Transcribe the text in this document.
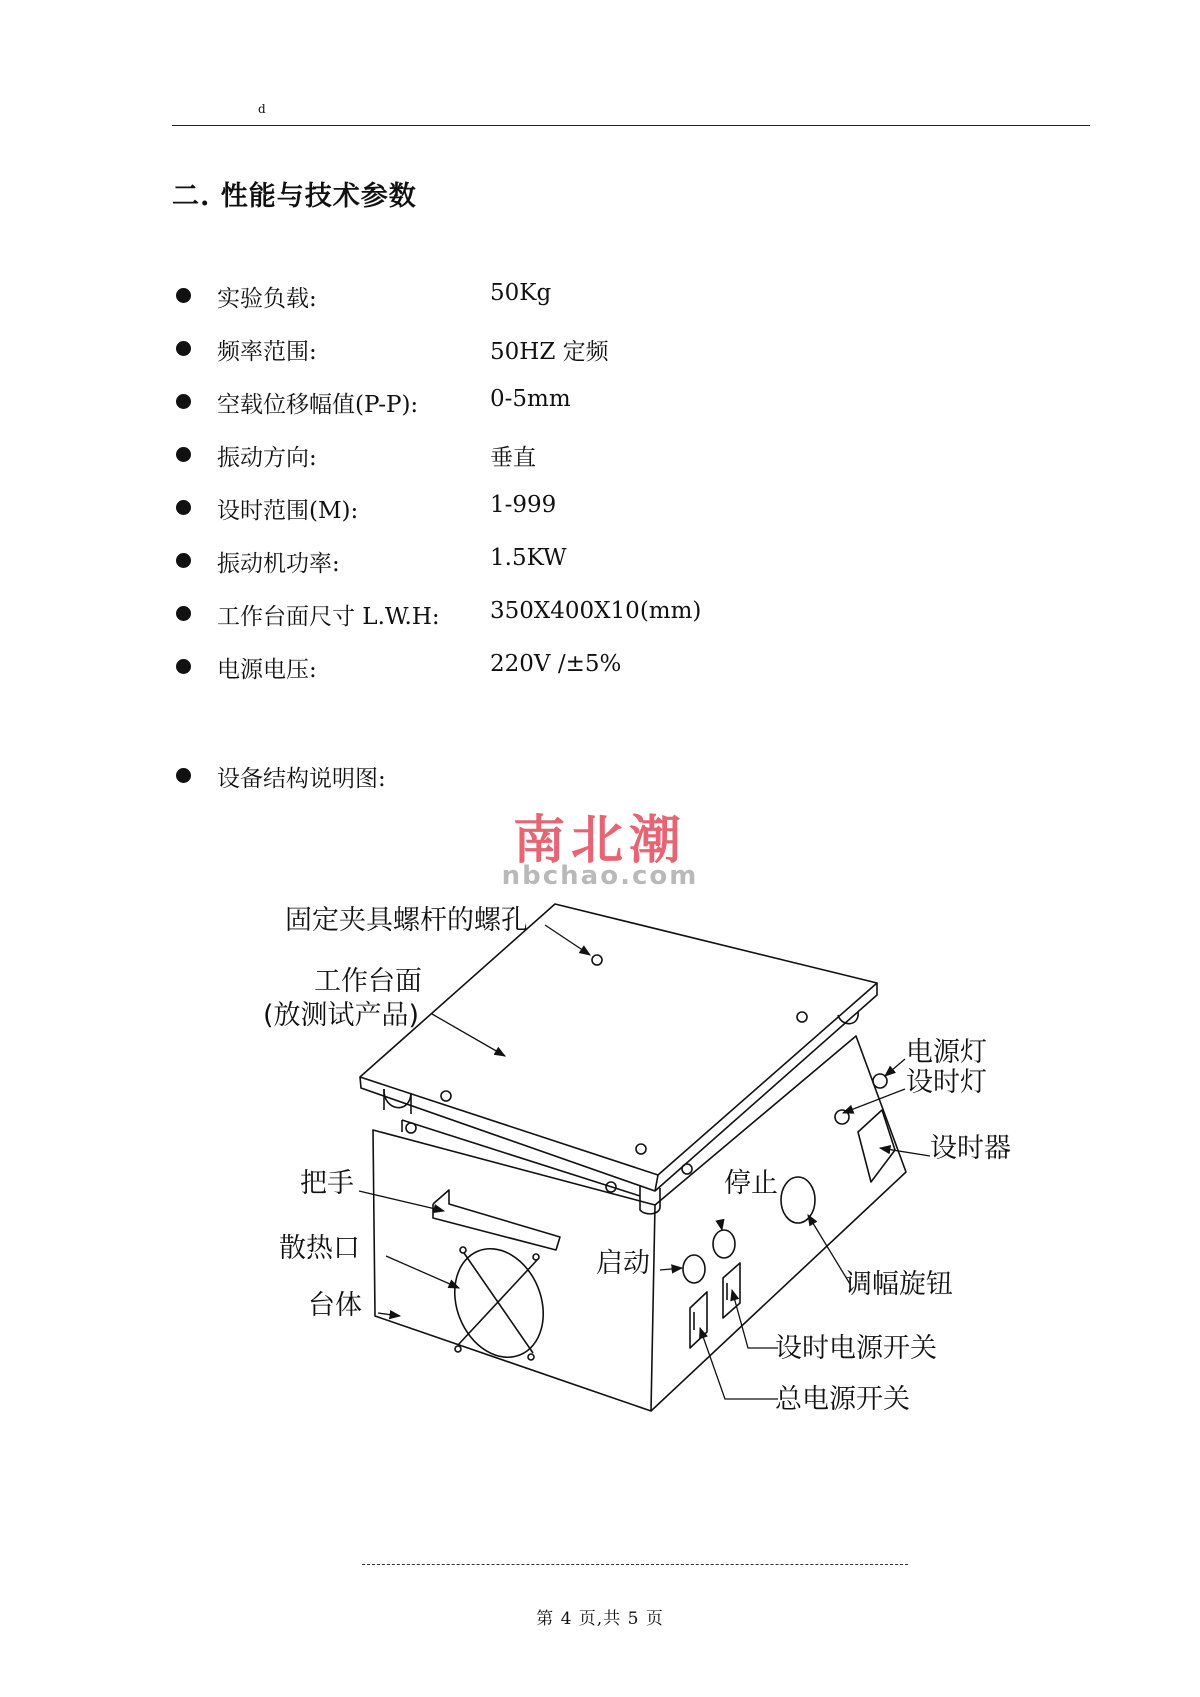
d
二. 性能与技术参数
实验负载:	50Kg
频率范围:	50HZ 定频
空载位移幅值(P-P):	0-5mm
振动方向:	垂直
设时范围(M):	1-999
振动机功率:	1.5KW
工作台面尺寸 L.W.H: 350X400X10(mm)
电源电压:	220V /±5%
设备结构说明图:
南北潮
nbchao.com
固定夹具螺杆的螺孔
工作台面
(放测试产品)
电源灯
设时灯
设时器
把手	停止
散热口	启动
调幅旋钮
台体
设时电源开关
总电源开关
第 4 页,共 5 页
